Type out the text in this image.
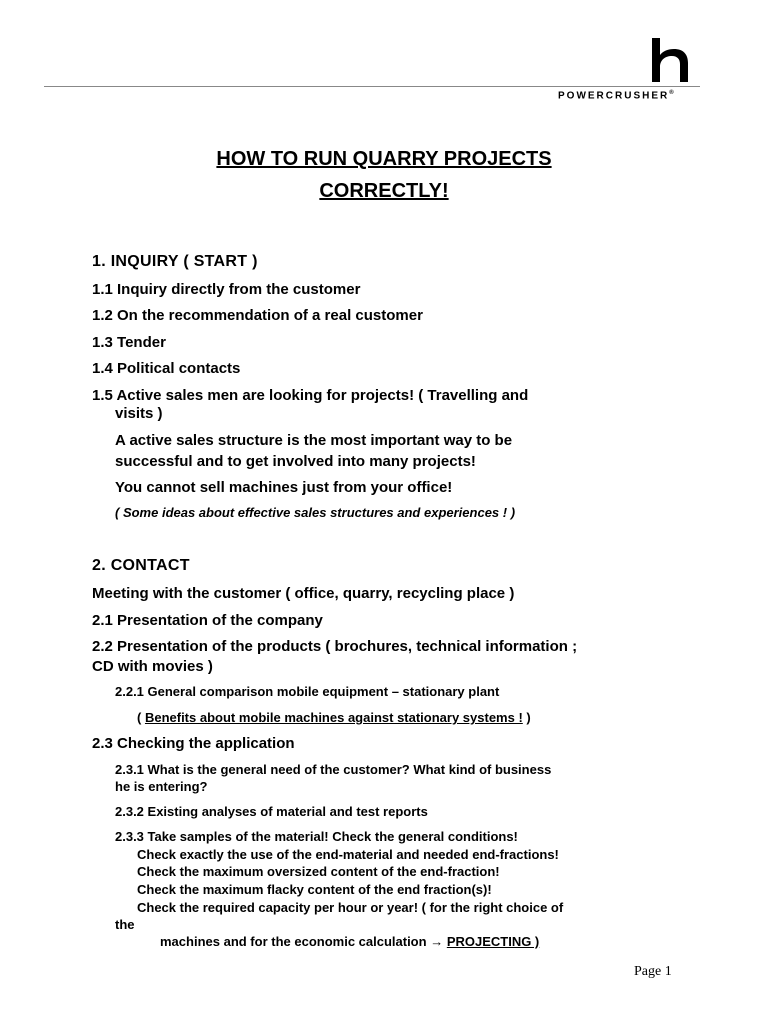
POWERCRUSHER®
HOW TO RUN QUARRY PROJECTS
CORRECTLY!
1. INQUIRY ( START )
1.1 Inquiry directly from the customer
1.2 On the recommendation of a real customer
1.3 Tender
1.4 Political contacts
1.5 Active sales men are looking for projects! ( Travelling and
visits )
A active sales structure is the most important way to be
successful and to get involved into many projects!
You cannot sell machines just from your office!
( Some ideas about effective sales structures and experiences ! )
2. CONTACT
Meeting with the customer ( office, quarry, recycling place )
2.1 Presentation of the company
2.2 Presentation of the products ( brochures, technical information ;
CD with movies )
2.2.1 General comparison mobile equipment – stationary plant
( Benefits about mobile machines against stationary systems ! )
2.3 Checking the application
2.3.1 What is the general need of the customer? What kind of business
he is entering?
2.3.2 Existing analyses of material and test reports
2.3.3 Take samples of the material! Check the general conditions!
Check exactly the use of the end-material and needed end-fractions!
Check the maximum oversized content of the end-fraction!
Check the maximum flacky content of the end fraction(s)!
Check the required capacity per hour or year! ( for the right choice of
the
machines and for the economic calculation → PROJECTING )
Page 1
